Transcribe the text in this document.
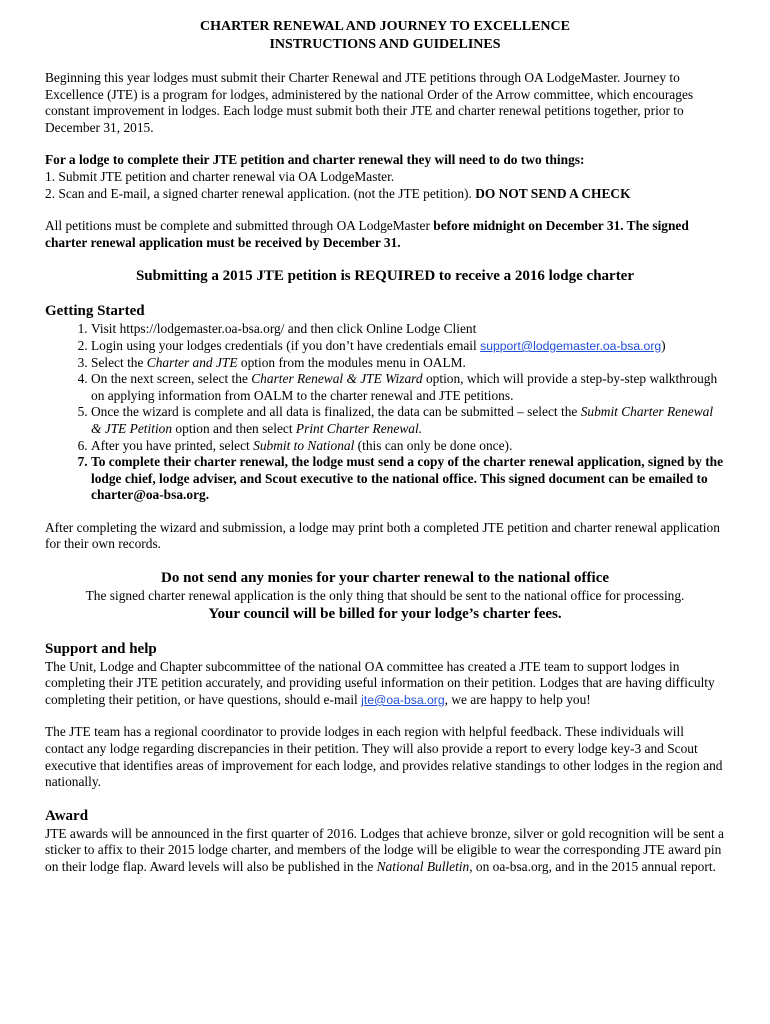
CHARTER RENEWAL AND JOURNEY TO EXCELLENCE

INSTRUCTIONS AND GUIDELINES

Beginning this year lodges must submit their Charter Renewal and JTE petitions through OA LodgeMaster. Journey to Excellence (JTE) is a program for lodges, administered by the national Order of the Arrow committee, which encourages constant improvement in lodges. Each lodge must submit both their JTE and charter renewal petitions together, prior to December 31, 2015.

For a lodge to complete their JTE petition and charter renewal they will need to do two things:

1. Submit JTE petition and charter renewal via OA LodgeMaster.

2. Scan and E-mail, a signed charter renewal application. (not the JTE petition). DO NOT SEND A CHECK

All petitions must be complete and submitted through OA LodgeMaster before midnight on December 31. The signed charter renewal application must be received by December 31.

Submitting a 2015 JTE petition is REQUIRED to receive a 2016 lodge charter

Getting Started

1. Visit https://lodgemaster.oa-bsa.org/ and then click Online Lodge Client
2. Login using your lodges credentials (if you don’t have credentials email support@lodgemaster.oa-bsa.org)
3. Select the Charter and JTE option from the modules menu in OALM.
4. On the next screen, select the Charter Renewal & JTE Wizard option, which will provide a step-by-step walkthrough on applying information from OALM to the charter renewal and JTE petitions.
5. Once the wizard is complete and all data is finalized, the data can be submitted – select the Submit Charter Renewal & JTE Petition option and then select Print Charter Renewal.
6. After you have printed, select Submit to National (this can only be done once).
7. To complete their charter renewal, the lodge must send a copy of the charter renewal application, signed by the lodge chief, lodge adviser, and Scout executive to the national office. This signed document can be emailed to charter@oa-bsa.org.

After completing the wizard and submission, a lodge may print both a completed JTE petition and charter renewal application for their own records.

Do not send any monies for your charter renewal to the national office

The signed charter renewal application is the only thing that should be sent to the national office for processing.

Your council will be billed for your lodge’s charter fees.

Support and help

The Unit, Lodge and Chapter subcommittee of the national OA committee has created a JTE team to support lodges in completing their JTE petition accurately, and providing useful information on their petition. Lodges that are having difficulty completing their petition, or have questions, should e-mail jte@oa-bsa.org, we are happy to help you!

The JTE team has a regional coordinator to provide lodges in each region with helpful feedback. These individuals will contact any lodge regarding discrepancies in their petition. They will also provide a report to every lodge key-3 and Scout executive that identifies areas of improvement for each lodge, and provides relative standings to other lodges in the region and nationally.

Award

JTE awards will be announced in the first quarter of 2016. Lodges that achieve bronze, silver or gold recognition will be sent a sticker to affix to their 2015 lodge charter, and members of the lodge will be eligible to wear the corresponding JTE award pin on their lodge flap. Award levels will also be published in the National Bulletin, on oa-bsa.org, and in the 2015 annual report.
